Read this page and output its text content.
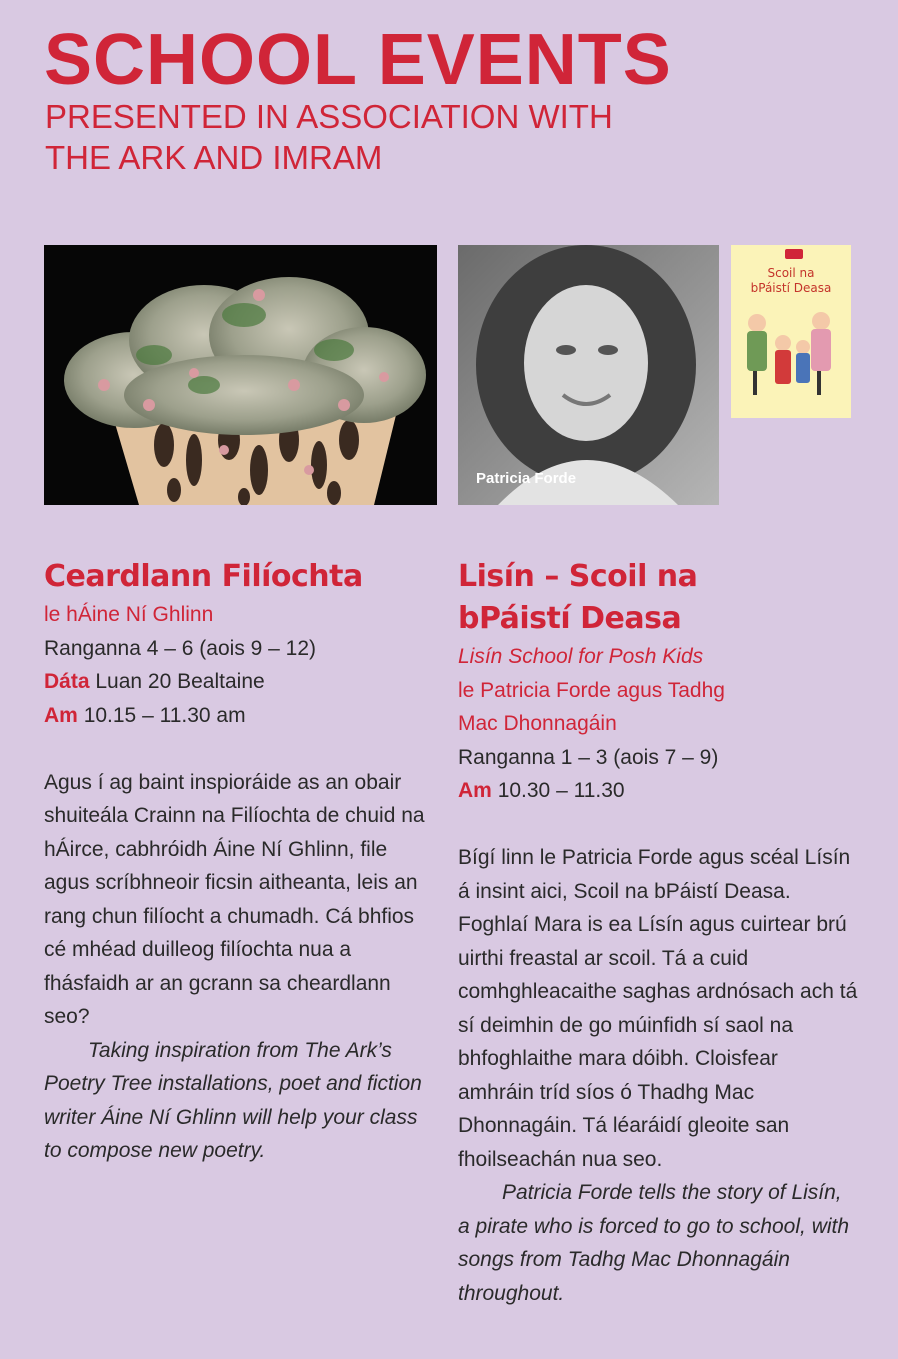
SCHOOL EVENTS
PRESENTED IN ASSOCIATION WITH
THE ARK AND IMRAM
Patricia Forde
Scoil na
bPáistí Deasa
Ceardlann Filíochta
le hÁine Ní Ghlinn
Ranganna 4 – 6 (aois 9 – 12)
Dáta Luan 20 Bealtaine
Am 10.15 – 11.30 am
Agus í ag baint inspioráide as an obair shuiteála Crainn na Filíochta de chuid na hÁirce, cabhróidh Áine Ní Ghlinn, file agus scríbhneoir ficsin aitheanta, leis an rang chun filíocht a chumadh. Cá bhfios cé mhéad duilleog filíochta nua a fhásfaidh ar an gcrann sa cheardlann seo?
Taking inspiration from The Ark’s Poetry Tree installations, poet and fiction writer Áine Ní Ghlinn will help your class to compose new poetry.
Lisín – Scoil na
bPáistí Deasa
Lisín School for Posh Kids
le Patricia Forde agus Tadhg
Mac Dhonnagáin
Ranganna 1 – 3 (aois 7 – 9)
Am 10.30 – 11.30
Bígí linn le Patricia Forde agus scéal Lísín á insint aici, Scoil na bPáistí Deasa. Foghlaí Mara is ea Lísín agus cuirtear brú uirthi freastal ar scoil. Tá a cuid comhghleacaithe saghas ardnósach ach tá sí deimhin de go múinfidh sí saol na bhfoghlaithe mara dóibh. Cloisfear amhráin tríd síos ó Thadhg Mac Dhonnagáin. Tá léaráidí gleoite san fhoilseachán nua seo.
Patricia Forde tells the story of Lisín, a pirate who is forced to go to school, with songs from Tadhg Mac Dhonnagáin throughout.
